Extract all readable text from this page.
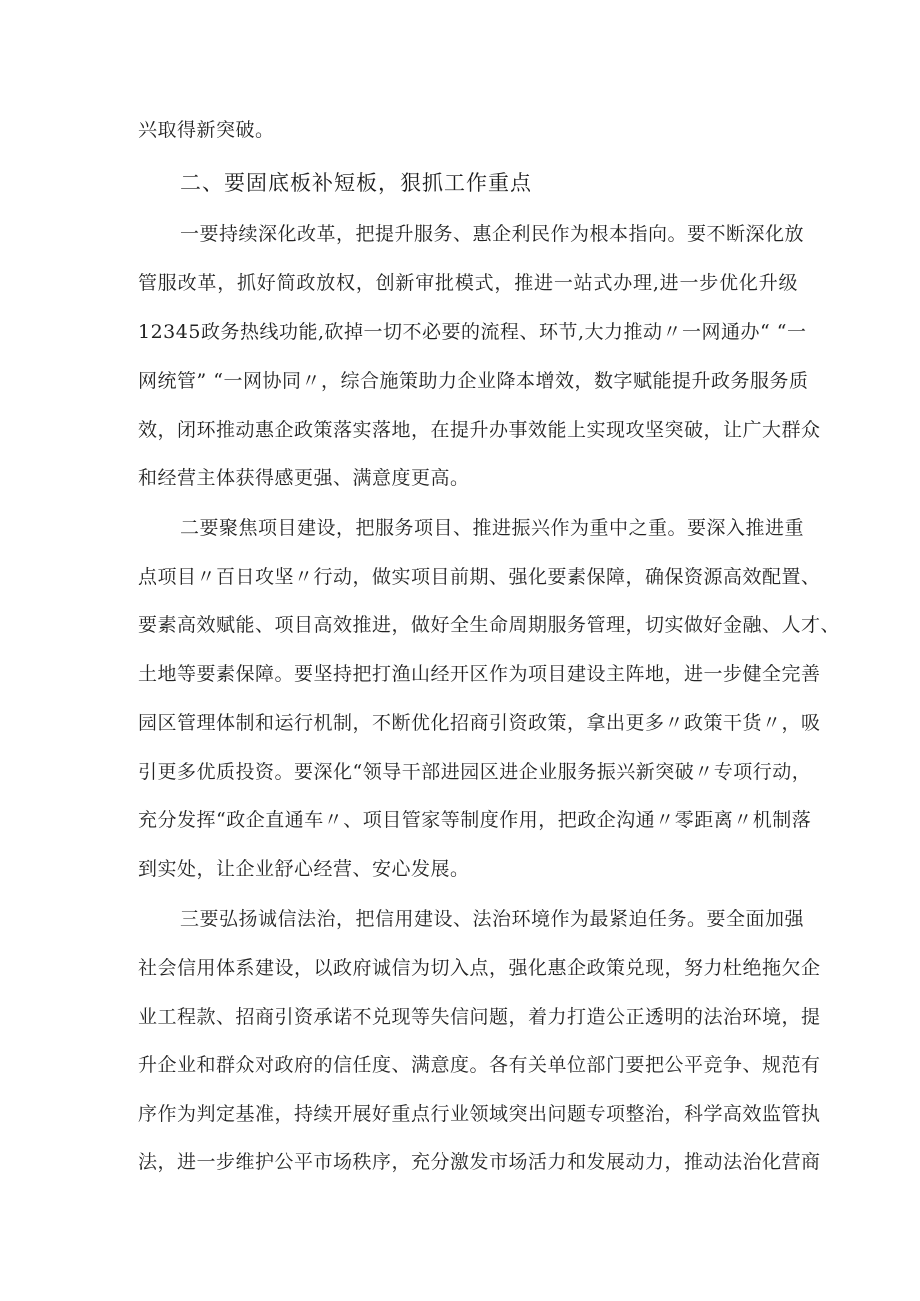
兴取得新突破。
二、要固底板补短板，狠抓工作重点
一要持续深化改革，把提升服务、惠企利民作为根本指向。要不断深化放
管服改革，抓好简政放权，创新审批模式，推进一站式办理,进一步优化升级
12345政务热线功能,砍掉一切不必要的流程、环节,大力推动〃一网通办“ “一
网统管” “一网协同〃，综合施策助力企业降本增效，数字赋能提升政务服务质
效，闭环推动惠企政策落实落地，在提升办事效能上实现攻坚突破，让广大群众
和经营主体获得感更强、满意度更高。
二要聚焦项目建设，把服务项目、推进振兴作为重中之重。要深入推进重
点项目〃百日攻坚〃行动，做实项目前期、强化要素保障，确保资源高效配置、
要素高效赋能、项目高效推进，做好全生命周期服务管理，切实做好金融、人才、
土地等要素保障。要坚持把打渔山经开区作为项目建设主阵地，进一步健全完善
园区管理体制和运行机制，不断优化招商引资政策，拿出更多〃政策干货〃，吸
引更多优质投资。要深化“领导干部进园区进企业服务振兴新突破〃专项行动，
充分发挥“政企直通车〃、项目管家等制度作用，把政企沟通〃零距离〃机制落
到实处，让企业舒心经营、安心发展。
三要弘扬诚信法治，把信用建设、法治环境作为最紧迫任务。要全面加强
社会信用体系建设，以政府诚信为切入点，强化惠企政策兑现，努力杜绝拖欠企
业工程款、招商引资承诺不兑现等失信问题，着力打造公正透明的法治环境，提
升企业和群众对政府的信任度、满意度。各有关单位部门要把公平竞争、规范有
序作为判定基准，持续开展好重点行业领域突出问题专项整治，科学高效监管执
法，进一步维护公平市场秩序，充分激发市场活力和发展动力，推动法治化营商
